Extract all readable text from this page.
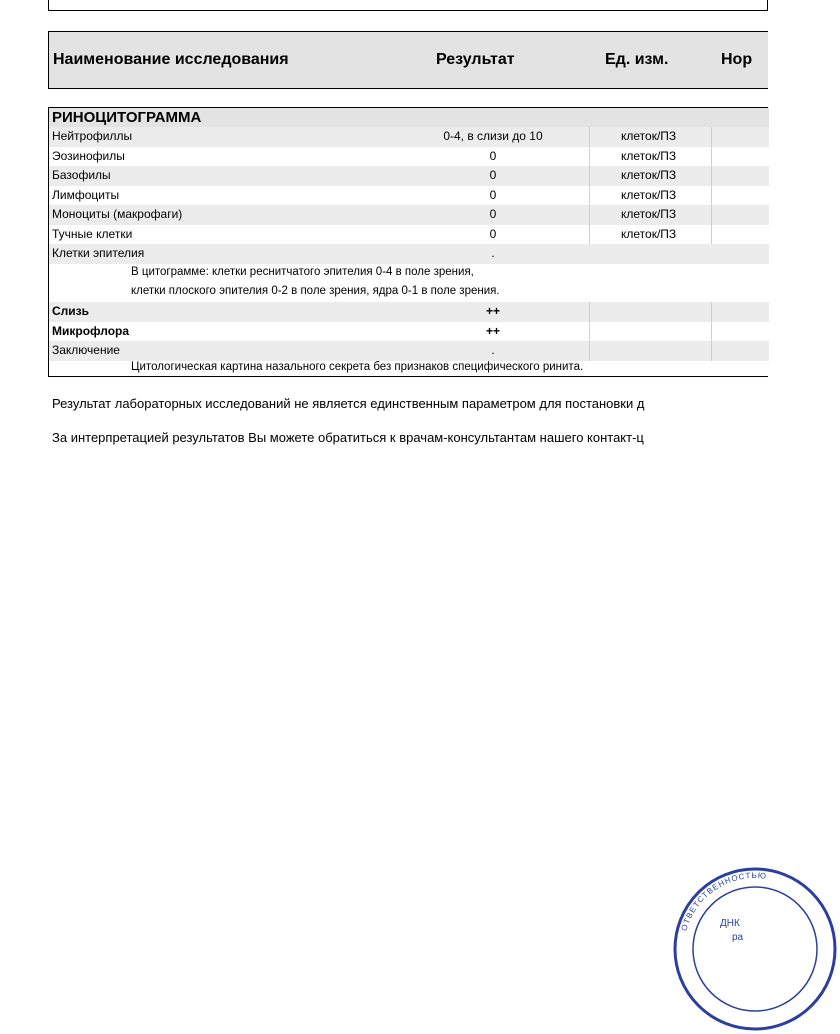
Наименование исследования	Результат	Ед. изм.	Нор
РИНОЦИТОГРАММА
Нейтрофиллы	0-4, в слизи до 10	клеток/ПЗ
Эозинофилы	0	клеток/ПЗ
Базофилы	0	клеток/ПЗ
Лимфоциты	0	клеток/ПЗ
Моноциты (макрофаги)	0	клеток/ПЗ
Тучные клетки	0	клеток/ПЗ
Клетки эпителия	.
В цитограмме: клетки реснитчатого эпителия 0-4 в поле зрения,
клетки плоского эпителия 0-2 в поле зрения, ядра 0-1 в поле зрения.
Слизь	++
Микрофлора	++
Заключение	.
Цитологическая картина назального секрета без признаков специфического ринита.
Результат лабораторных исследований не является единственным параметром для постановки д
За интерпретацией результатов Вы можете обратиться к врачам-консультантам нашего контакт-ц
ОТВЕТСТВЕННОСТЬЮ
ДНК
ра
